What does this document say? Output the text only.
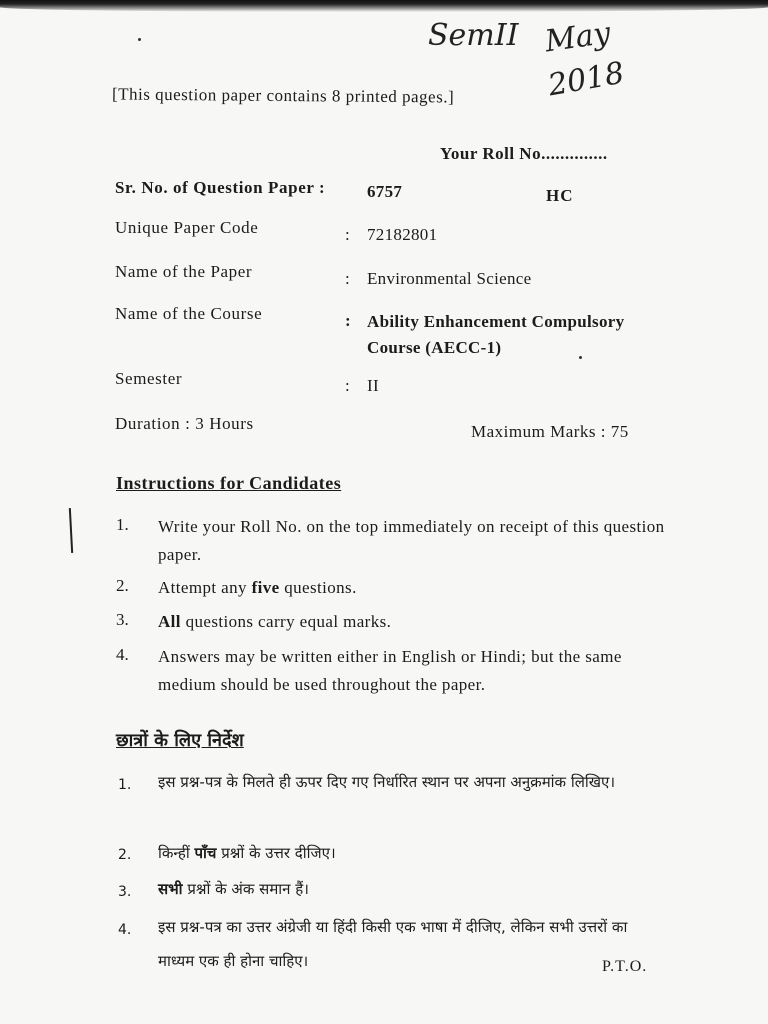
SemII May
2018
[This question paper contains 8 printed pages.]
Your Roll No..............
Sr. No. of Question Paper : 6757	HC
Unique Paper Code	: 72182801
Name of the Paper	: Environmental Science
Name of the Course	: Ability Enhancement Compulsory
Course (AECC-1)
Semester	: II
Duration : 3 Hours	Maximum Marks : 75
Instructions for Candidates
1. Write your Roll No. on the top immediately on receipt of this question paper.
2. Attempt any five questions.
3. All questions carry equal marks.
4. Answers may be written either in English or Hindi; but the same medium should be used throughout the paper.
छात्रों के लिए निर्देश
1. इस प्रश्न-पत्र के मिलते ही ऊपर दिए गए निर्धारित स्थान पर अपना अनुक्रमांक लिखिए।
2. किन्हीं पाँच प्रश्नों के उत्तर दीजिए।
3. सभी प्रश्नों के अंक समान हैं।
4. इस प्रश्न-पत्र का उत्तर अंग्रेजी या हिंदी किसी एक भाषा में दीजिए, लेकिन सभी उत्तरों का माध्यम एक ही होना चाहिए।	P.T.O.
